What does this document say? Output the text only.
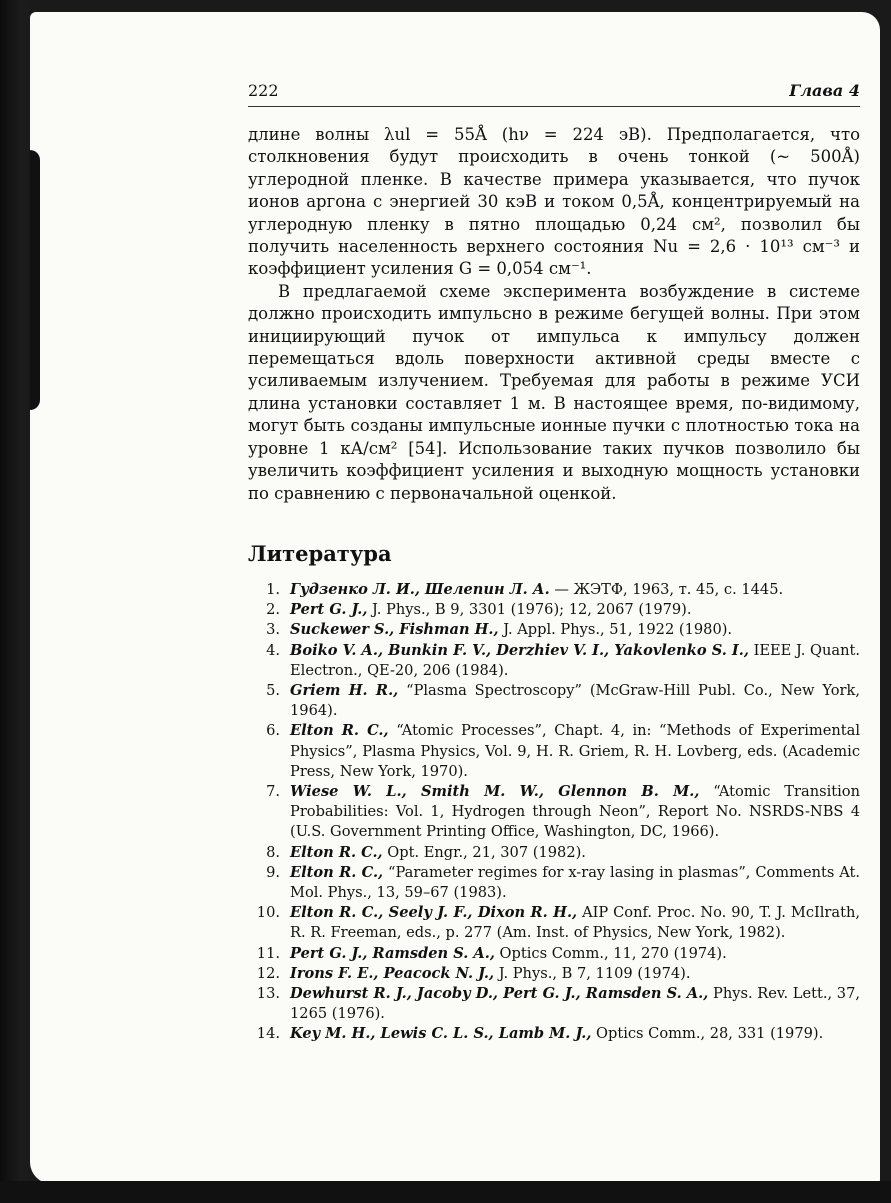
222	Глава 4

длине волны λul = 55Å (hν = 224 эВ). Предполагается, что столкновения будут происходить в очень тонкой (~ 500Å) углеродной пленке. В качестве примера указывается, что пучок ионов аргона с энергией 30 кэВ и током 0,5Å, концентрируемый на углеродную пленку в пятно площадью 0,24 см², позволил бы получить населенность верхнего состояния Nu = 2,6 · 10¹³ см⁻³ и коэффициент усиления G = 0,054 см⁻¹.

В предлагаемой схеме эксперимента возбуждение в системе должно происходить импульсно в режиме бегущей волны. При этом инициирующий пучок от импульса к импульсу должен перемещаться вдоль поверхности активной среды вместе с усиливаемым излучением. Требуемая для работы в режиме УСИ длина установки составляет 1 м. В настоящее время, по-видимому, могут быть созданы импульсные ионные пучки с плотностью тока на уровне 1 кА/см² [54]. Использование таких пучков позволило бы увеличить коэффициент усиления и выходную мощность установки по сравнению с первоначальной оценкой.

Литература
1. Гудзенко Л. И., Шелепин Л. А. — ЖЭТФ, 1963, т. 45, с. 1445.
2. Pert G. J., J. Phys., B 9, 3301 (1976); 12, 2067 (1979).
3. Suckewer S., Fishman H., J. Appl. Phys., 51, 1922 (1980).
4. Boiko V. A., Bunkin F. V., Derzhiev V. I., Yakovlenko S. I., IEEE J. Quant. Electron., QE-20, 206 (1984).
5. Griem H. R., “Plasma Spectroscopy” (McGraw-Hill Publ. Co., New York, 1964).
6. Elton R. C., “Atomic Processes”, Chapt. 4, in: “Methods of Experimental Physics”, Plasma Physics, Vol. 9, H. R. Griem, R. H. Lovberg, eds. (Academic Press, New York, 1970).
7. Wiese W. L., Smith M. W., Glennon B. M., “Atomic Transition Probabilities: Vol. 1, Hydrogen through Neon”, Report No. NSRDS-NBS 4 (U.S. Government Printing Office, Washington, DC, 1966).
8. Elton R. C., Opt. Engr., 21, 307 (1982).
9. Elton R. C., “Parameter regimes for x-ray lasing in plasmas”, Comments At. Mol. Phys., 13, 59–67 (1983).
10. Elton R. C., Seely J. F., Dixon R. H., AIP Conf. Proc. No. 90, T. J. McIlrath, R. R. Freeman, eds., p. 277 (Am. Inst. of Physics, New York, 1982).
11. Pert G. J., Ramsden S. A., Optics Comm., 11, 270 (1974).
12. Irons F. E., Peacock N. J., J. Phys., B 7, 1109 (1974).
13. Dewhurst R. J., Jacoby D., Pert G. J., Ramsden S. A., Phys. Rev. Lett., 37, 1265 (1976).
14. Key M. H., Lewis C. L. S., Lamb M. J., Optics Comm., 28, 331 (1979).
